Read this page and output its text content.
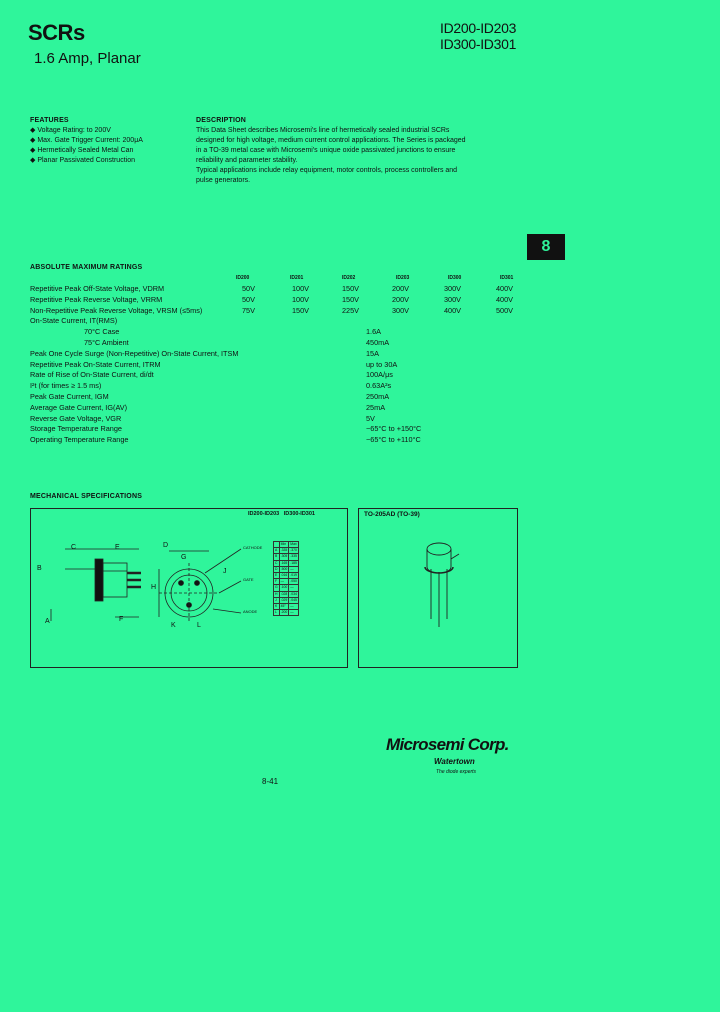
SCRs
1.6 Amp, Planar
ID200-ID203
ID300-ID301
FEATURES
◆ Voltage Rating: to 200V
◆ Max. Gate Trigger Current: 200μA
◆ Hermetically Sealed Metal Can
◆ Planar Passivated Construction
DESCRIPTION
This Data Sheet describes Microsemi's line of hermetically sealed industrial SCRs
designed for high voltage, medium current control applications. The Series is packaged
in a TO-39 metal case with Microsemi's unique oxide passivated junctions to ensure
reliability and parameter stability.
Typical applications include relay equipment, motor controls, process controllers and
pulse generators.
8
ABSOLUTE MAXIMUM RATINGS
ID200	ID201	ID202	ID203	ID300	ID301
Repetitive Peak Off-State Voltage, VDRM	50V	100V	150V	200V	300V	400V
Repetitive Peak Reverse Voltage, VRRM	50V	100V	150V	200V	300V	400V
Non-Repetitive Peak Reverse Voltage, VRSM (≤5ms)	75V	150V	225V	300V	400V	500V
On-State Current, IT(RMS)
70°C Case	1.6A
75°C Ambient	450mA
Peak One Cycle Surge (Non-Repetitive) On-State Current, ITSM	15A
Repetitive Peak On-State Current, ITRM	up to 30A
Rate of Rise of On-State Current, di/dt	100A/μs
I²t (for times ≥ 1.5 ms)	0.63A²s
Peak Gate Current, IGM	250mA
Average Gate Current, IG(AV)	25mA
Reverse Gate Voltage, VGR	5V
Storage Temperature Range	−65°C to +150°C
Operating Temperature Range	−65°C to +110°C
MECHANICAL SPECIFICATIONS
C	E
B
A	F
D
G
H
J
K	L
CATHODE
GATE
ANODE
	Min	Max
A	.335	.370
B	.305	.335
C	.165	.185
D	.500	—
E	.016	.019
F	—	.050
G	.100	—
H	.028	.034
J	.029	.045
K	45°	—
L	.200	—
ID200-ID203 ID300-ID301	TO-205AD (TO-39)
8-41
Microsemi Corp.
Watertown
The diode experts
